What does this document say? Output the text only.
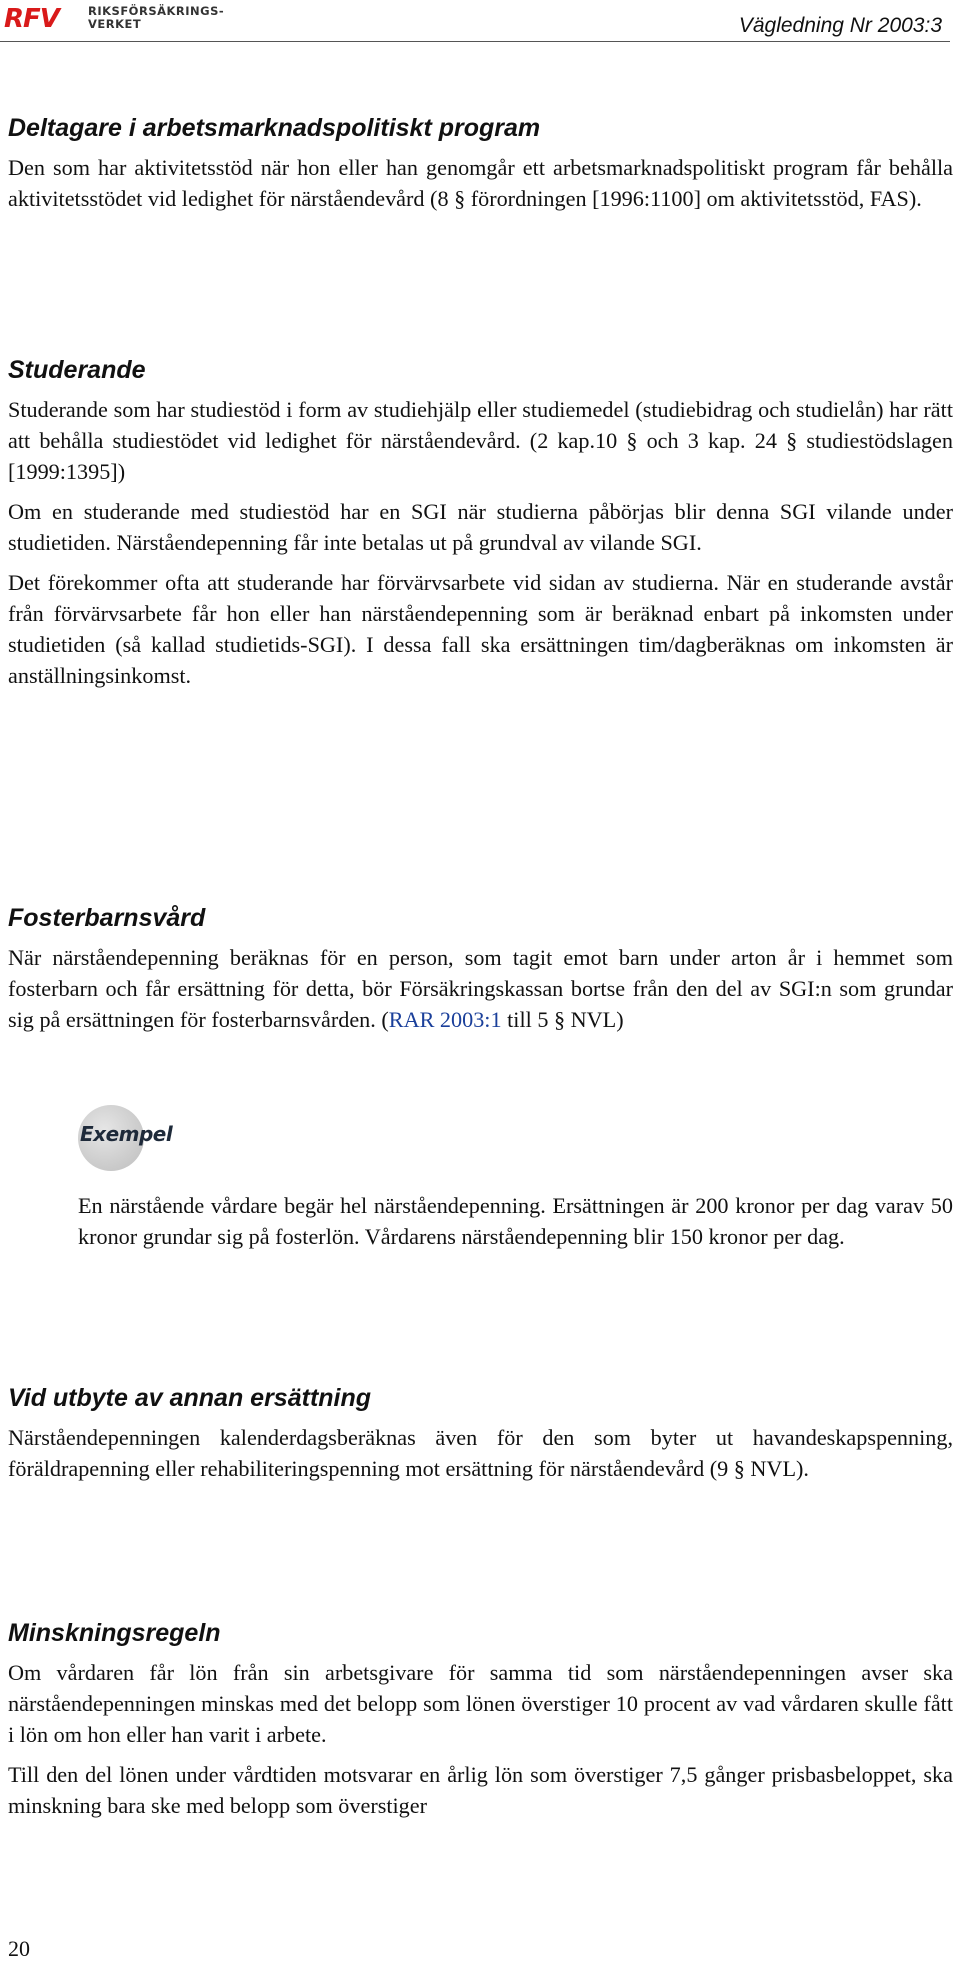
RFV	RIKSFÖRSÄKRINGS-
VERKET	Vägledning Nr 2003:3
Deltagare i arbetsmarknadspolitiskt program

Den som har aktivitetsstöd när hon eller han genomgår ett arbetsmarknadspolitiskt program får behålla aktivitetsstödet vid ledighet för närståendevård (8 § förordningen [1996:1100] om aktivitetsstöd, FAS).

Studerande

Studerande som har studiestöd i form av studiehjälp eller studiemedel (studiebidrag och studielån) har rätt att behålla studiestödet vid ledighet för närståendevård. (2 kap.10 § och 3 kap. 24 § studiestödslagen [1999:1395])

Om en studerande med studiestöd har en SGI när studierna påbörjas blir denna SGI vilande under studietiden. Närståendepenning får inte betalas ut på grundval av vilande SGI.

Det förekommer ofta att studerande har förvärvsarbete vid sidan av studierna. När en studerande avstår från förvärvsarbete får hon eller han närståendepenning som är beräknad enbart på inkomsten under studietiden (så kallad studietids-SGI). I dessa fall ska ersättningen tim/dagberäknas om inkomsten är anställningsinkomst.

Fosterbarnsvård

När närståendepenning beräknas för en person, som tagit emot barn under arton år i hemmet som fosterbarn och får ersättning för detta, bör Försäkringskassan bortse från den del av SGI:n som grundar sig på ersättningen för fosterbarnsvården. (RAR 2003:1 till 5 § NVL)

Exempel

En närstående vårdare begär hel närståendepenning. Ersättningen är 200 kronor per dag varav 50 kronor grundar sig på fosterlön. Vårdarens närståendepenning blir 150 kronor per dag.

Vid utbyte av annan ersättning

Närståendepenningen kalenderdagsberäknas även för den som byter ut havandeskapspenning, föräldrapenning eller rehabiliteringspenning mot ersättning för närståendevård (9 § NVL).

Minskningsregeln

Om vårdaren får lön från sin arbetsgivare för samma tid som närståendepenningen avser ska närståendepenningen minskas med det belopp som lönen överstiger 10 procent av vad vårdaren skulle fått i lön om hon eller han varit i arbete.

Till den del lönen under vårdtiden motsvarar en årlig lön som överstiger 7,5 gånger prisbasbeloppet, ska minskning bara ske med belopp som överstiger

20
